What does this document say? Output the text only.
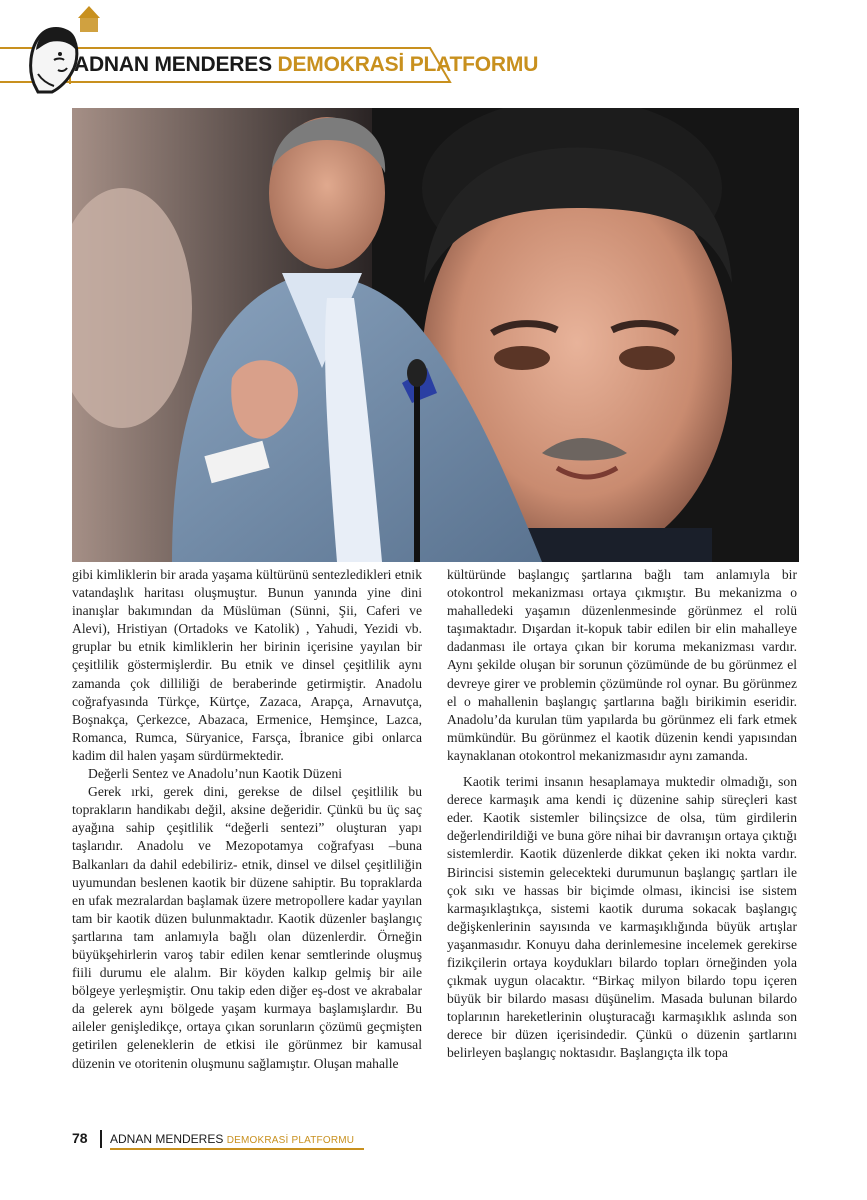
ADNAN MENDERES DEMOKRASİ PLATFORMU

gibi kimliklerin bir arada yaşama kültürünü sentezledikleri etnik vatandaşlık haritası oluşmuştur. Bunun yanında yine dini inanışlar bakımından da Müslüman (Sünni, Şii, Caferi ve Alevi), Hristiyan (Ortadoks ve Katolik) , Yahudi, Yezidi vb. gruplar bu etnik kimliklerin her birinin içerisine yayılan bir çeşitlilik göstermişlerdir. Bu etnik ve dinsel çeşitlilik aynı zamanda çok dilliliği de beraberinde getirmiştir. Anadolu coğrafyasında Türkçe, Kürtçe, Zazaca, Arapça, Arnavutça, Boşnakça, Çerkezce, Abazaca, Ermenice, Hemşince, Lazca, Romanca, Rumca, Süryanice, Farsça, İbranice gibi onlarca kadim dil halen yaşam sürdürmektedir.

Değerli Sentez ve Anadolu’nun Kaotik Düzeni

Gerek ırki, gerek dini, gerekse de dilsel çeşitlilik bu toprakların handikabı değil, aksine değeridir. Çünkü bu üç saç ayağına sahip çeşitlilik “değerli sentezi” oluşturan yapı taşlarıdır. Anadolu ve Mezopotamya coğrafyası –buna Balkanları da dahil edebiliriz- etnik, dinsel ve dilsel çeşitliliğin uyumundan beslenen kaotik bir düzene sahiptir. Bu topraklarda en ufak mezralardan başlamak üzere metropollere kadar yayılan tam bir kaotik düzen bulunmaktadır. Kaotik düzenler başlangıç şartlarına tam anlamıyla bağlı olan düzenlerdir. Örneğin büyükşehirlerin varoş tabir edilen kenar semtlerinde oluşmuş fiili durumu ele alalım. Bir köyden kalkıp gelmiş bir aile bölgeye yerleşmiştir. Onu takip eden diğer eş-dost ve akrabalar da gelerek aynı bölgede yaşam kurmaya başlamışlardır. Bu aileler genişledikçe, ortaya çıkan sorunların çözümü geçmişten getirilen geleneklerin de etkisi ile görünmez bir kamusal düzenin ve otoritenin oluşmunu sağlamıştır. Oluşan mahalle

kültüründe başlangıç şartlarına bağlı tam anlamıyla bir otokontrol mekanizması ortaya çıkmıştır. Bu mekanizma o mahalledeki yaşamın düzenlenmesinde görünmez el rolü taşımaktadır. Dışardan it-kopuk tabir edilen bir elin mahalleye dadanması ile ortaya çıkan bir koruma mekanizması vardır. Aynı şekilde oluşan bir sorunun çözümünde de bu görünmez el devreye girer ve problemin çözümünde rol oynar. Bu görünmez el o mahallenin başlangıç şartlarına bağlı birikimin eseridir. Anadolu’da kurulan tüm yapılarda bu görünmez eli fark etmek mümkündür. Bu görünmez el kaotik düzenin kendi yapısından kaynaklanan otokontrol mekanizmasıdır aynı zamanda.

Kaotik terimi insanın hesaplamaya muktedir olmadığı, son derece karmaşık ama kendi iç düzenine sahip süreçleri kast eder. Kaotik sistemler bilinçsizce de olsa, tüm girdilerin değerlendirildiği ve buna göre nihai bir davranışın ortaya çıktığı sistemlerdir. Kaotik düzenlerde dikkat çeken iki nokta vardır. Birincisi sistemin gelecekteki durumunun başlangıç şartları ile çok sıkı ve hassas bir biçimde olması, ikincisi ise sistem karmaşıklaştıkça, sistemi kaotik duruma sokacak başlangıç değişkenlerinin sayısında ve karmaşıklığında büyük artışlar yaşanmasıdır. Konuyu daha derinlemesine incelemek gerekirse fizikçilerin ortaya koydukları bilardo topları örneğinden yola çıkmak uygun olacaktır. “Birkaç milyon bilardo topu içeren büyük bir bilardo masası düşünelim. Masada bulunan bilardo toplarının hareketlerinin oluşturacağı karmaşıklık aslında son derece bir düzen içerisindedir. Çünkü o düzenin şartlarını belirleyen başlangıç noktasıdır. Başlangıçta ilk topa

78 ADNAN MENDERES DEMOKRASİ PLATFORMU
